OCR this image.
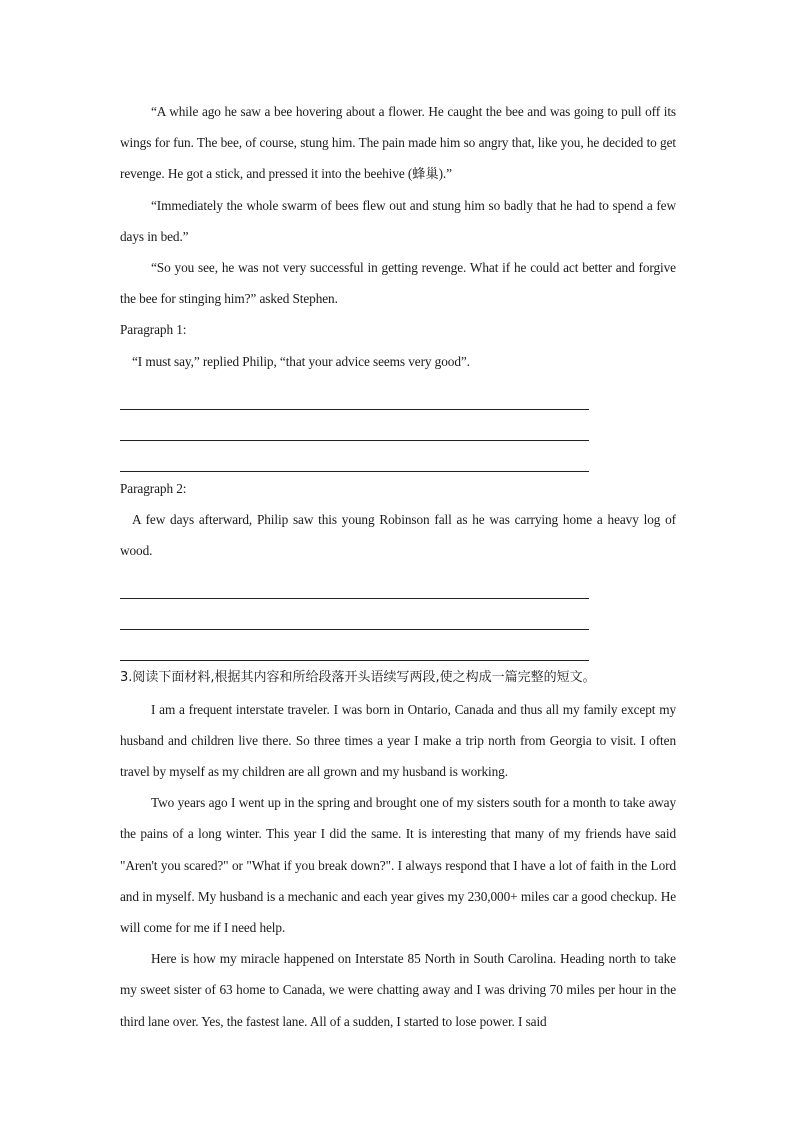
“A while ago he saw a bee hovering about a flower. He caught the bee and was going to pull off its wings for fun. The bee, of course, stung him. The pain made him so angry that, like you, he decided to get revenge. He got a stick, and pressed it into the beehive (蜂巢).”

“Immediately the whole swarm of bees flew out and stung him so badly that he had to spend a few days in bed.”

“So you see, he was not very successful in getting revenge. What if he could act better and forgive the bee for stinging him?” asked Stephen.

Paragraph 1:

“I must say,” replied Philip, “that your advice seems very good”.

Paragraph 2:

A few days afterward, Philip saw this young Robinson fall as he was carrying home a heavy log of wood.

3.阅读下面材料,根据其内容和所给段落开头语续写两段,使之构成一篇完整的短文。

I am a frequent interstate traveler. I was born in Ontario, Canada and thus all my family except my husband and children live there. So three times a year I make a trip north from Georgia to visit. I often travel by myself as my children are all grown and my husband is working.

Two years ago I went up in the spring and brought one of my sisters south for a month to take away the pains of a long winter. This year I did the same. It is interesting that many of my friends have said "Aren't you scared?" or "What if you break down?". I always respond that I have a lot of faith in the Lord and in myself. My husband is a mechanic and each year gives my 230,000+ miles car a good checkup. He will come for me if I need help.

Here is how my miracle happened on Interstate 85 North in South Carolina. Heading north to take my sweet sister of 63 home to Canada, we were chatting away and I was driving 70 miles per hour in the third lane over. Yes, the fastest lane. All of a sudden, I started to lose power. I said
